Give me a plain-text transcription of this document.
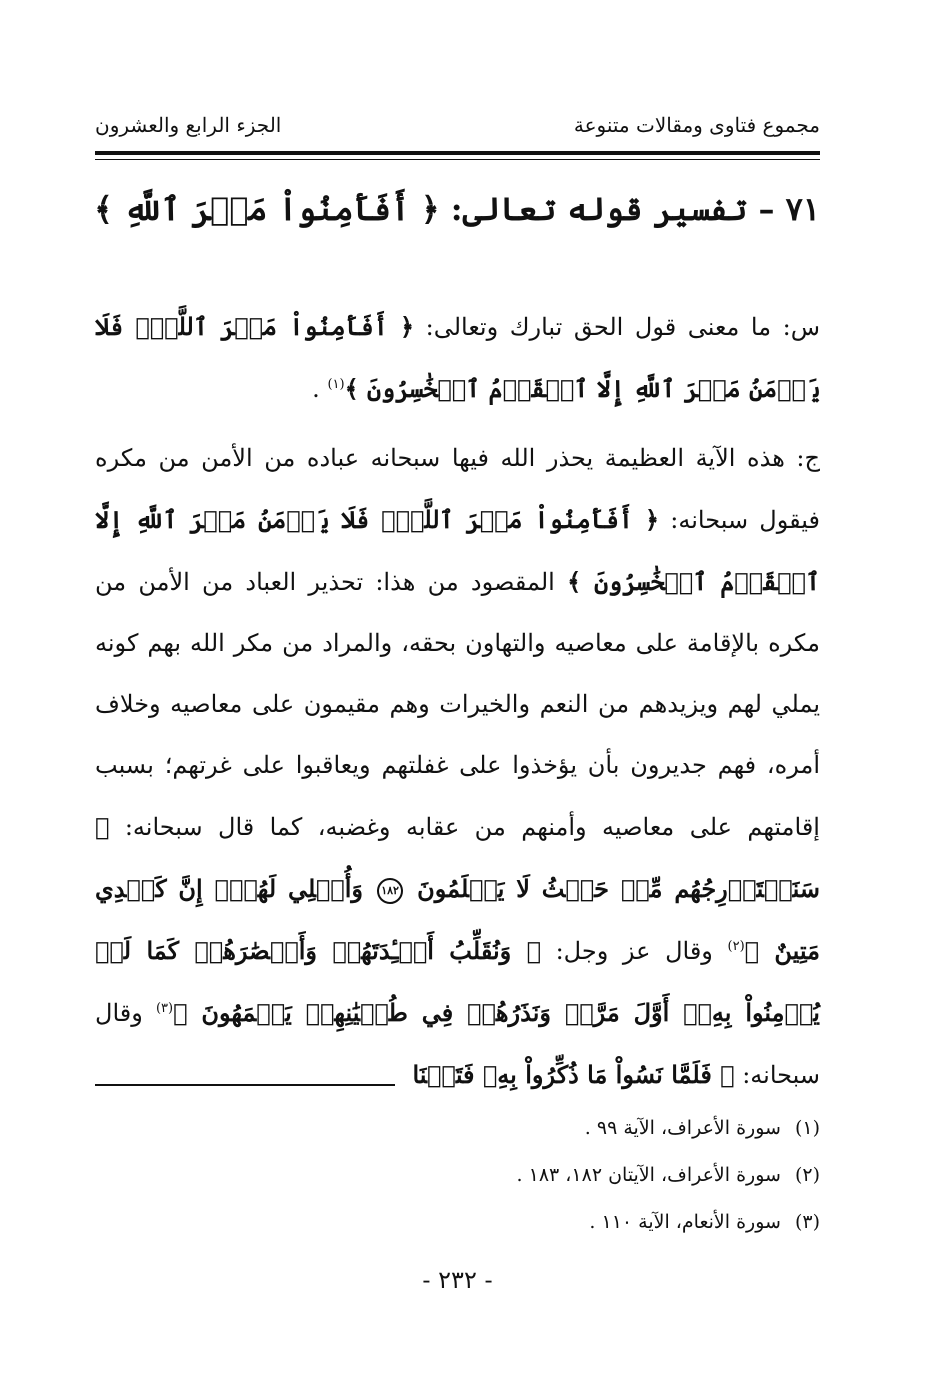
مجموع فتاوى ومقالات متنوعة
الجزء الرابع والعشرون
٧١ – تفسير قوله تعالى: ﴿ أَفَأَمِنُواْ مَكۡرَ ٱللَّهِ ﴾

س: ما معنى قول الحق تبارك وتعالى: ﴿ أَفَأَمِنُواْ مَكۡرَ ٱللَّهِۚ فَلَا يَأۡمَنُ مَكۡرَ ٱللَّهِ إِلَّا ٱلۡقَوۡمُ ٱلۡخَٰسِرُونَ ﴾$^{(١)}$ .

ج: هذه الآية العظيمة يحذر الله فيها سبحانه عباده من الأمن من مكره فيقول سبحانه: ﴿ أَفَأَمِنُواْ مَكۡرَ ٱللَّهِۚ فَلَا يَأۡمَنُ مَكۡرَ ٱللَّهِ إِلَّا ٱلۡقَوۡمُ ٱلۡخَٰسِرُونَ ﴾ المقصود من هذا: تحذير العباد من الأمن من مكره بالإقامة على معاصيه والتهاون بحقه، والمراد من مكر الله بهم كونه يملي لهم ويزيدهم من النعم والخيرات وهم مقيمون على معاصيه وخلاف أمره، فهم جديرون بأن يؤخذوا على غفلتهم ويعاقبوا على غرتهم؛ بسبب إقامتهم على معاصيه وأمنهم من عقابه وغضبه، كما قال سبحانه: ﴿ سَنَسۡتَدۡرِجُهُم مِّنۡ حَيۡثُ لَا يَعۡلَمُونَ ١٨٢ وَأُمۡلِي لَهُمۡۚ إِنَّ كَيۡدِي مَتِينٌ ﴾$^{(٢)}$ وقال عز وجل: ﴿ وَنُقَلِّبُ أَفۡـِٔدَتَهُمۡ وَأَبۡصَٰرَهُمۡ كَمَا لَمۡ يُؤۡمِنُواْ بِهِۦٓ أَوَّلَ مَرَّةٖ وَنَذَرُهُمۡ فِي طُغۡيَٰنِهِمۡ يَعۡمَهُونَ ﴾$^{(٣)}$ وقال سبحانه: ﴿ فَلَمَّا نَسُواْ مَا ذُكِّرُواْ بِهِۦ فَتَحۡنَا

(١)سورة الأعراف، الآية ٩٩ .
(٢)سورة الأعراف، الآيتان ١٨٢، ١٨٣ .
(٣)سورة الأنعام، الآية ١١٠ .
- ٢٣٢ -
